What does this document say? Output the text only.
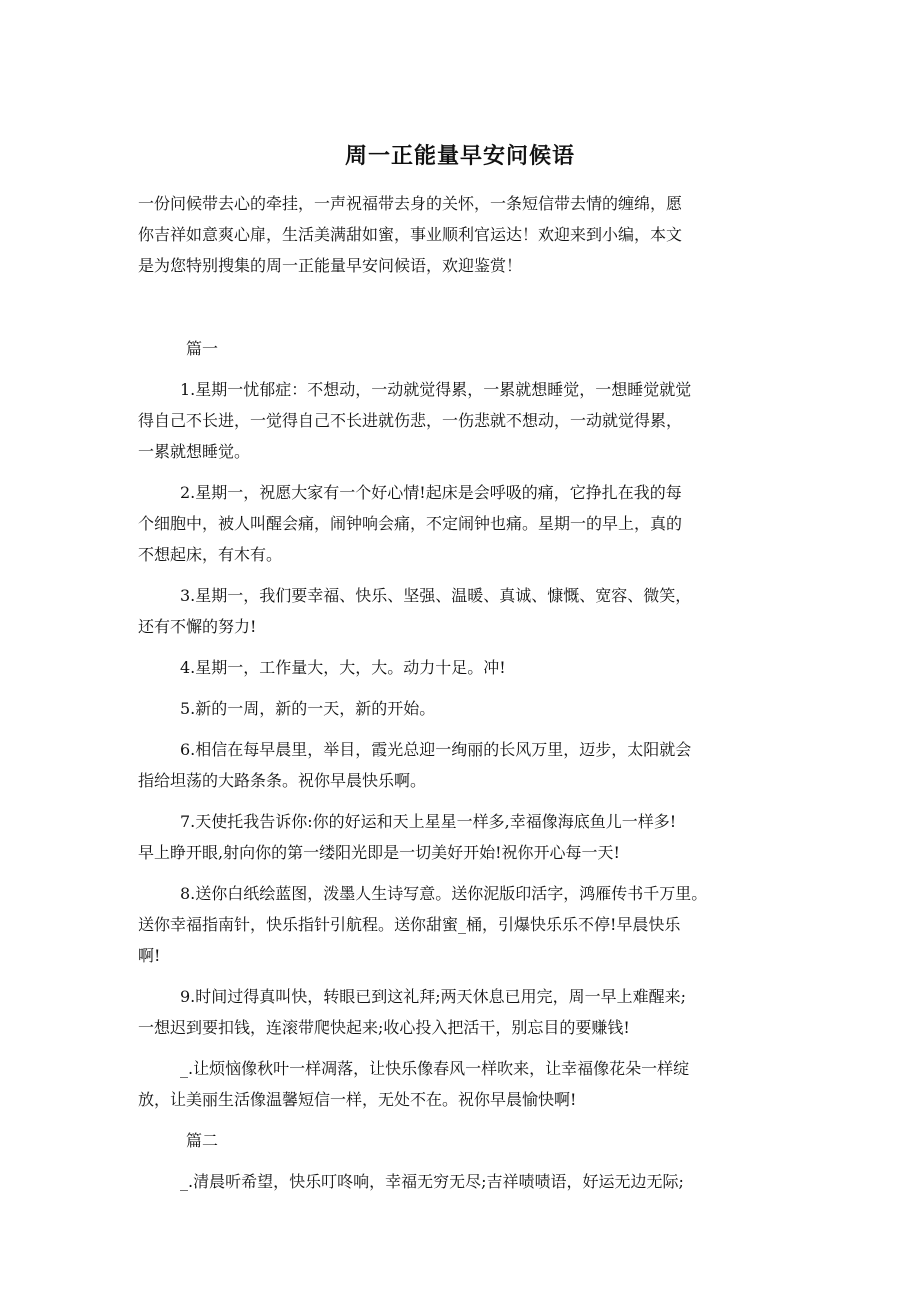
周一正能量早安问候语
一份问候带去心的牵挂，一声祝福带去身的关怀，一条短信带去情的缠绵，愿
你吉祥如意爽心扉，生活美满甜如蜜，事业顺利官运达！欢迎来到小编，本文
是为您特别搜集的周一正能量早安问候语，欢迎鉴赏！
篇一
1.星期一忧郁症：不想动，一动就觉得累，一累就想睡觉，一想睡觉就觉
得自己不长进，一觉得自己不长进就伤悲，一伤悲就不想动，一动就觉得累，
一累就想睡觉。
2.星期一，祝愿大家有一个好心情!起床是会呼吸的痛，它挣扎在我的每
个细胞中，被人叫醒会痛，闹钟响会痛，不定闹钟也痛。星期一的早上，真的
不想起床，有木有。
3.星期一，我们要幸福、快乐、坚强、温暖、真诚、慷慨、宽容、微笑，
还有不懈的努力!
4.星期一，工作量大，大，大。动力十足。冲!
5.新的一周，新的一天，新的开始。
6.相信在每早晨里，举目，霞光总迎一绚丽的长风万里，迈步，太阳就会
指给坦荡的大路条条。祝你早晨快乐啊。
7.天使托我告诉你:你的好运和天上星星一样多,幸福像海底鱼儿一样多!
早上睁开眼,射向你的第一缕阳光即是一切美好开始!祝你开心每一天!
8.送你白纸绘蓝图，泼墨人生诗写意。送你泥版印活字，鸿雁传书千万里。
送你幸福指南针，快乐指针引航程。送你甜蜜_桶，引爆快乐乐不停!早晨快乐
啊!
9.时间过得真叫快，转眼已到这礼拜;两天休息已用完，周一早上难醒来;
一想迟到要扣钱，连滚带爬快起来;收心投入把活干，别忘目的要赚钱!
_.让烦恼像秋叶一样凋落，让快乐像春风一样吹来，让幸福像花朵一样绽
放，让美丽生活像温馨短信一样，无处不在。祝你早晨愉快啊!
篇二
_.清晨听希望，快乐叮咚响，幸福无穷无尽;吉祥啧啧语，好运无边无际;
